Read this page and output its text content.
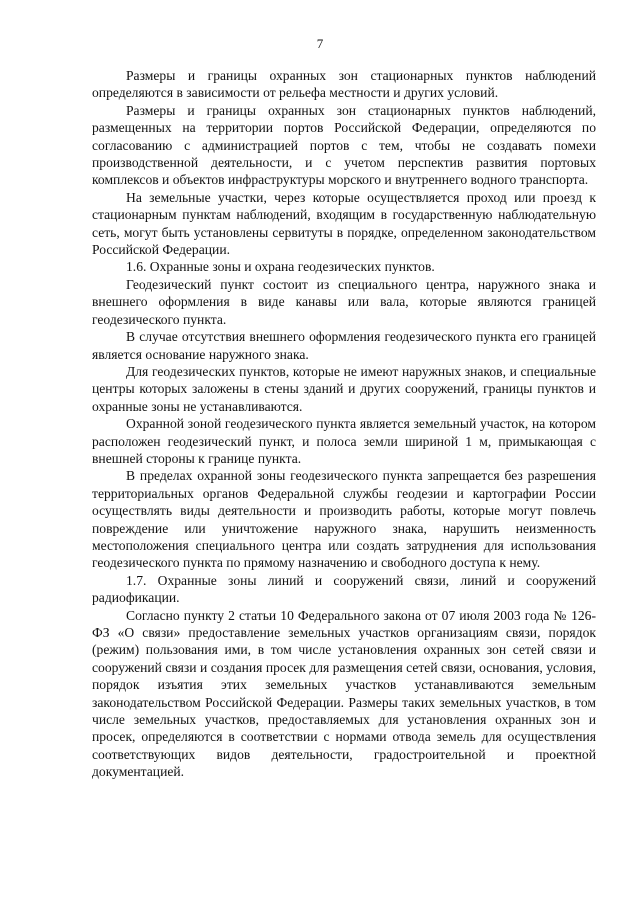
7

Размеры и границы охранных зон стационарных пунктов наблюдений определяются в зависимости от рельефа местности и других условий.

Размеры и границы охранных зон стационарных пунктов наблюдений, размещенных на территории портов Российской Федерации, определяются по согласованию с администрацией портов с тем, чтобы не создавать помехи производственной деятельности, и с учетом перспектив развития портовых комплексов и объектов инфраструктуры морского и внутреннего водного транспорта.

На земельные участки, через которые осуществляется проход или проезд к стационарным пунктам наблюдений, входящим в государственную наблюдательную сеть, могут быть установлены сервитуты в порядке, определенном законодательством Российской Федерации.

1.6. Охранные зоны и охрана геодезических пунктов.

Геодезический пункт состоит из специального центра, наружного знака и внешнего оформления в виде канавы или вала, которые являются границей геодезического пункта.

В случае отсутствия внешнего оформления геодезического пункта его границей является основание наружного знака.

Для геодезических пунктов, которые не имеют наружных знаков, и специальные центры которых заложены в стены зданий и других сооружений, границы пунктов и охранные зоны не устанавливаются.

Охранной зоной геодезического пункта является земельный участок, на котором расположен геодезический пункт, и полоса земли шириной 1 м, примыкающая с внешней стороны к границе пункта.

В пределах охранной зоны геодезического пункта запрещается без разрешения территориальных органов Федеральной службы геодезии и картографии России осуществлять виды деятельности и производить работы, которые могут повлечь повреждение или уничтожение наружного знака, нарушить неизменность местоположения специального центра или создать затруднения для использования геодезического пункта по прямому назначению и свободного доступа к нему.

1.7. Охранные зоны линий и сооружений связи, линий и сооружений радиофикации.

Согласно пункту 2 статьи 10 Федерального закона от 07 июля 2003 года № 126-ФЗ «О связи» предоставление земельных участков организациям связи, порядок (режим) пользования ими, в том числе установления охранных зон сетей связи и сооружений связи и создания просек для размещения сетей связи, основания, условия, порядок изъятия этих земельных участков устанавливаются земельным законодательством Российской Федерации. Размеры таких земельных участков, в том числе земельных участков, предоставляемых для установления охранных зон и просек, определяются в соответствии с нормами отвода земель для осуществления соответствующих видов деятельности, градостроительной и проектной документацией.
